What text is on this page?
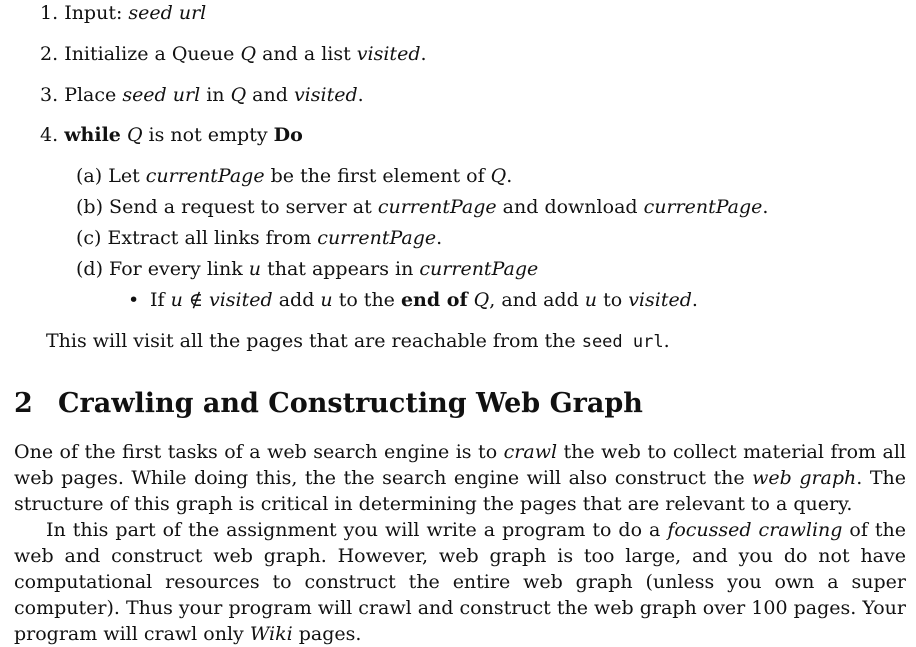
1. Input: seed url
2. Initialize a Queue Q and a list visited.
3. Place seed url in Q and visited.
4. while Q is not empty Do
(a) Let currentPage be the first element of Q.
(b) Send a request to server at currentPage and download currentPage.
(c) Extract all links from currentPage.
(d) For every link u that appears in currentPage
• If u ∉ visited add u to the end of Q, and add u to visited.
This will visit all the pages that are reachable from the seed url.
2 Crawling and Constructing Web Graph
One of the first tasks of a web search engine is to crawl the web to collect material from all web pages. While doing this, the the search engine will also construct the web graph. The structure of this graph is critical in determining the pages that are relevant to a query.
In this part of the assignment you will write a program to do a focussed crawling of the web and construct web graph. However, web graph is too large, and you do not have computational resources to construct the entire web graph (unless you own a super computer). Thus your program will crawl and construct the web graph over 100 pages. Your program will crawl only Wiki pages.
